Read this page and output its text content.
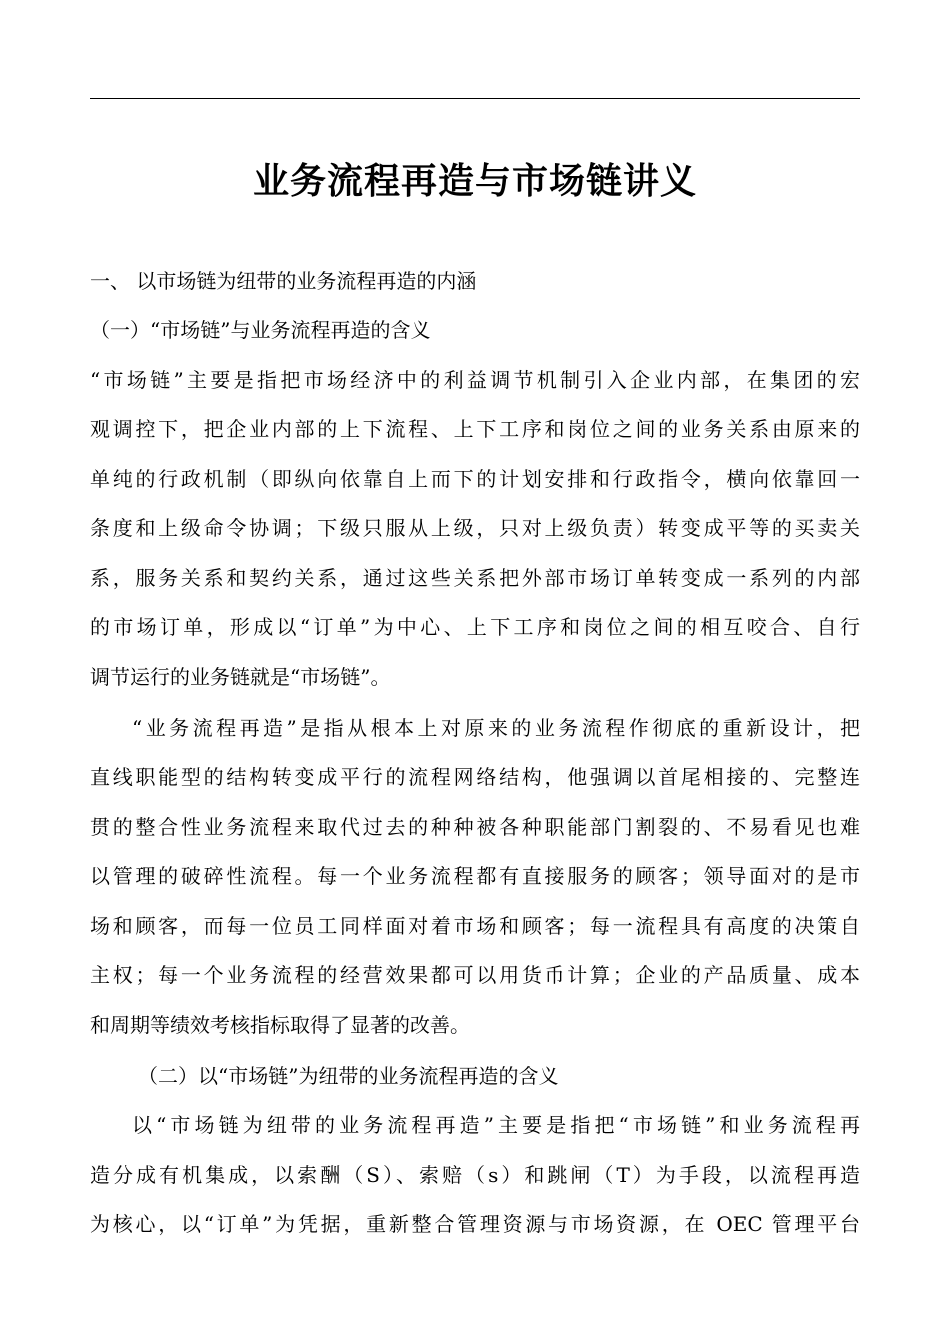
业务流程再造与市场链讲义
一、 以市场链为纽带的业务流程再造的内涵
（一）“市场链”与业务流程再造的含义
“市场链”主要是指把市场经济中的利益调节机制引入企业内部，在集团的宏
观调控下，把企业内部的上下流程、上下工序和岗位之间的业务关系由原来的
单纯的行政机制（即纵向依靠自上而下的计划安排和行政指令，横向依靠回一
条度和上级命令协调；下级只服从上级，只对上级负责）转变成平等的买卖关
系，服务关系和契约关系，通过这些关系把外部市场订单转变成一系列的内部
的市场订单，形成以“订单”为中心、上下工序和岗位之间的相互咬合、自行
调节运行的业务链就是“市场链”。
“业务流程再造”是指从根本上对原来的业务流程作彻底的重新设计，把
直线职能型的结构转变成平行的流程网络结构，他强调以首尾相接的、完整连
贯的整合性业务流程来取代过去的种种被各种职能部门割裂的、不易看见也难
以管理的破碎性流程。每一个业务流程都有直接服务的顾客；领导面对的是市
场和顾客，而每一位员工同样面对着市场和顾客；每一流程具有高度的决策自
主权；每一个业务流程的经营效果都可以用货币计算；企业的产品质量、成本
和周期等绩效考核指标取得了显著的改善。
（二）以“市场链”为纽带的业务流程再造的含义
以“市场链为纽带的业务流程再造”主要是指把“市场链”和业务流程再
造分成有机集成，以索酬（S）、索赔（s）和跳闸（T）为手段，以流程再造
为核心，以“订单”为凭据，重新整合管理资源与市场资源，在 OEC 管理平台
